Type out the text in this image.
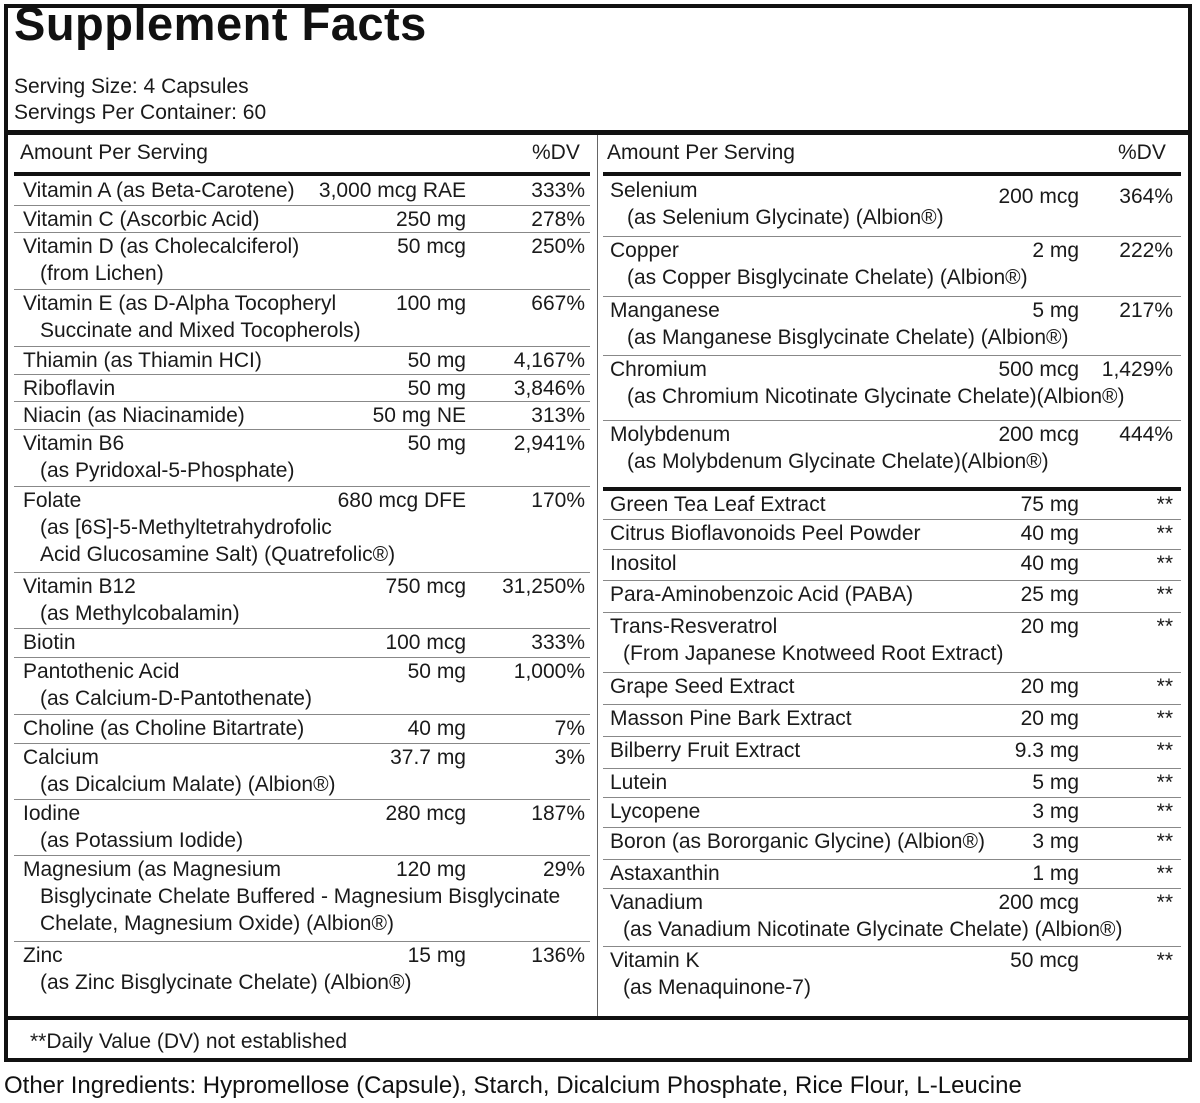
Supplement Facts
Serving Size: 4 Capsules
Servings Per Container: 60
Amount Per Serving	%DV Amount Per Serving	%DV
Vitamin A (as Beta-Carotene) 3,000 mcg RAE	333%
Vitamin C (Ascorbic Acid)	250 mg	278%
Vitamin D (as Cholecalciferol)
(from Lichen)
50 mcg	250%
Vitamin E (as D-Alpha Tocopheryl
Succinate and Mixed Tocopherols)
100 mg	667%
Thiamin (as Thiamin HCI)	50 mg 4,167%
Riboflavin	50 mg 3,846%
Niacin (as Niacinamide)	50 mg NE	313%
Vitamin B6
(as Pyridoxal-5-Phosphate)
50 mg 2,941%
Folate
(as [6S]-5-Methyltetrahydrofolic
Acid Glucosamine Salt) (Quatrefolic®)
680 mcg DFE	170%
Vitamin B12
(as Methylcobalamin)
750 mcg 31,250%
Biotin	100 mcg	333%
Pantothenic Acid
(as Calcium-D-Pantothenate)
50 mg 1,000%
Choline (as Choline Bitartrate)	40 mg	7%
Calcium
(as Dicalcium Malate) (Albion®)
37.7 mg	3%
Iodine
(as Potassium Iodide)
280 mcg	187%
Magnesium (as Magnesium
Bisglycinate Chelate Buffered - Magnesium Bisglycinate
Chelate, Magnesium Oxide) (Albion®)
120 mg	29%
Zinc
(as Zinc Bisglycinate Chelate) (Albion®)
15 mg	136%
Selenium
(as Selenium Glycinate) (Albion®)
200 mcg 364%
Copper
(as Copper Bisglycinate Chelate) (Albion®)
2 mg 222%
Manganese
(as Manganese Bisglycinate Chelate) (Albion®)
5 mg 217%
Chromium
(as Chromium Nicotinate Glycinate Chelate)(Albion®)
500 mcg 1,429%
Molybdenum
(as Molybdenum Glycinate Chelate)(Albion®)
200 mcg 444%
Green Tea Leaf Extract	75 mg	**
Citrus Bioflavonoids Peel Powder	40 mg	**
Inositol	40 mg	**
Para-Aminobenzoic Acid (PABA)	25 mg	**
Trans-Resveratrol
(From Japanese Knotweed Root Extract)
20 mg	**
Grape Seed Extract	20 mg	**
Masson Pine Bark Extract	20 mg	**
Bilberry Fruit Extract	9.3 mg	**
Lutein	5 mg	**
Lycopene	3 mg	**
Boron (as Bororganic Glycine) (Albion®) 3 mg	**
Astaxanthin	1 mg	**
Vanadium
(as Vanadium Nicotinate Glycinate Chelate) (Albion®)
200 mcg	**
Vitamin K
(as Menaquinone-7)
50 mcg	**
**Daily Value (DV) not established
Other Ingredients: Hypromellose (Capsule), Starch, Dicalcium Phosphate, Rice Flour, L-Leucine
